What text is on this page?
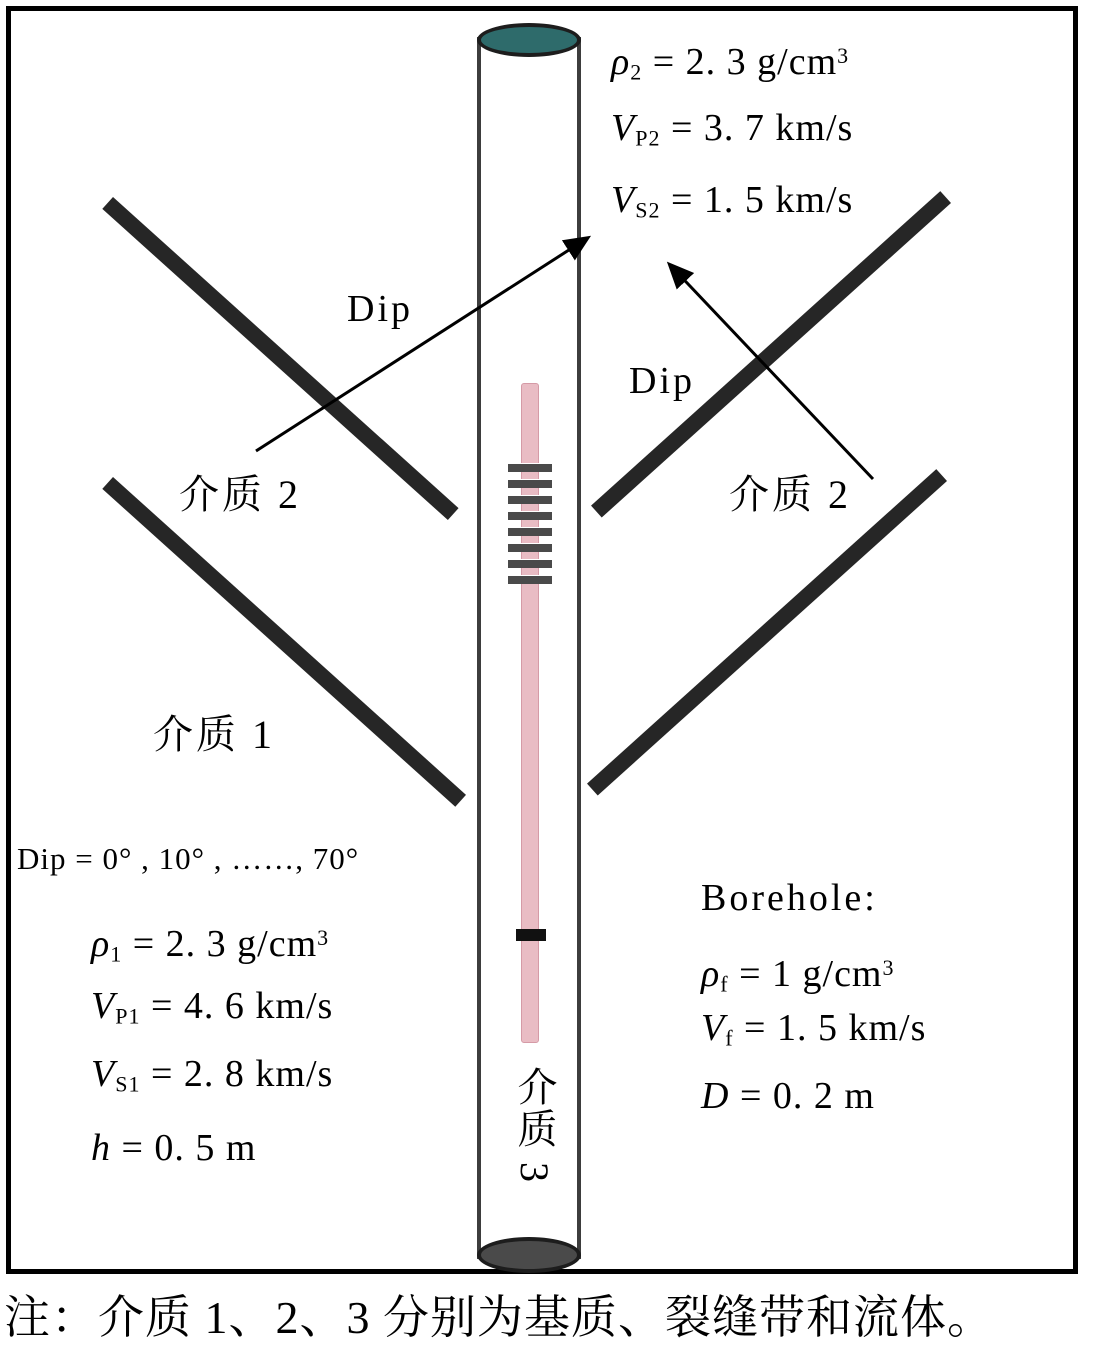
介质 3
$\rho_2 = 2$. 3 $g/cm^3$
$V_{P2} = 3$. 7 km/s
$V_{S2} = 1$. 5 km/s
Dip
Dip
介质 2	介质 2
介质 1
Dip = 0° , 10° , ……, 70°
$\rho_1 = 2$. 3 $g/cm^3$
$V_{P1} = 4$. 6 km/s
$V_{S1} = 2$. 8 km/s
h = 0. 5 m
Borehole:
$\rho_f = 1$ $g/cm^3$
$V_f = 1$. 5 km/s
D = 0. 2 m
注：介质 1、2、3 分别为基质、裂缝带和流体。
